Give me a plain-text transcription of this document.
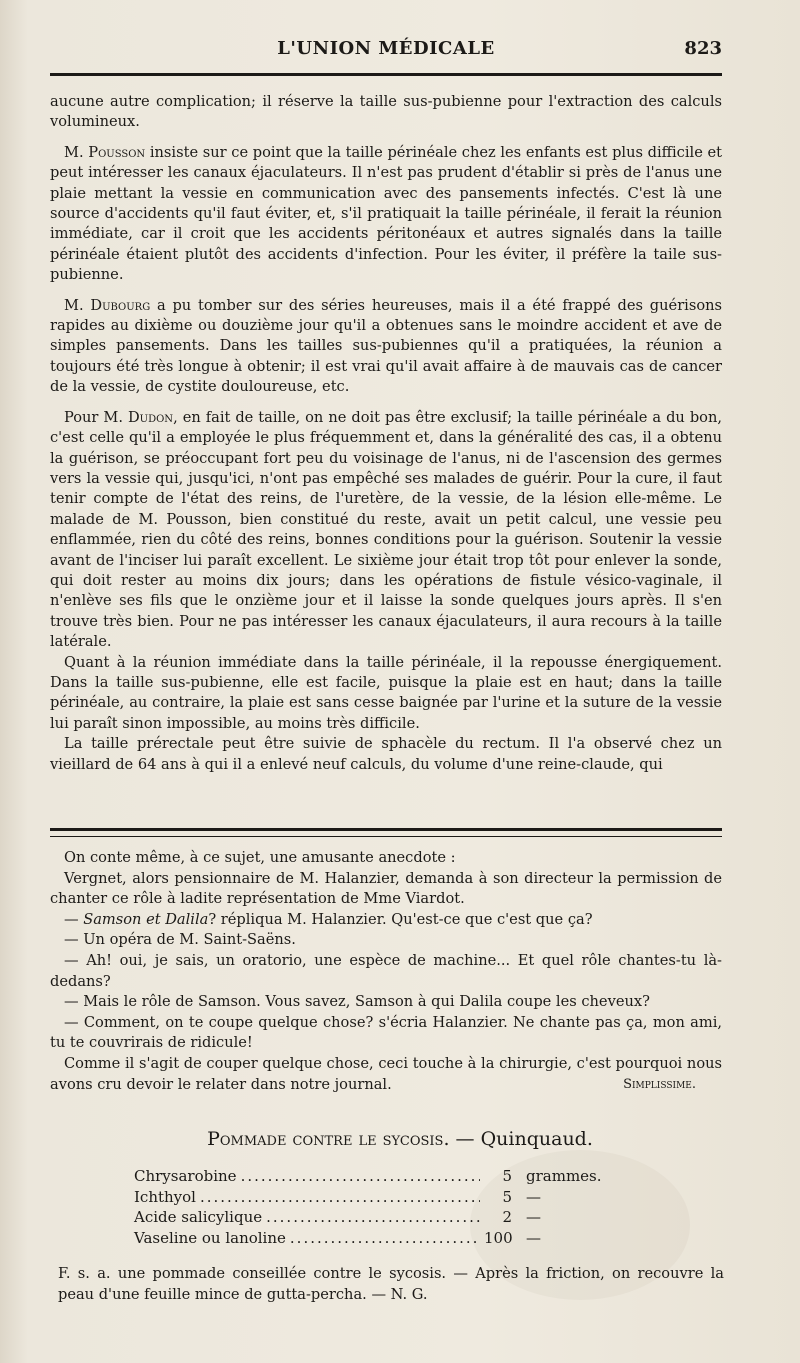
L'UNION MÉDICALE	823

aucune autre complication; il réserve la taille sus-pubienne pour l'extraction des calculs volumineux.

M. Pousson insiste sur ce point que la taille périnéale chez les enfants est plus difficile et peut intéresser les canaux éjaculateurs. Il n'est pas prudent d'établir si près de l'anus une plaie mettant la vessie en communication avec des pansements infectés. C'est là une source d'accidents qu'il faut éviter, et, s'il pratiquait la taille périnéale, il ferait la réunion immédiate, car il croit que les accidents péritonéaux et autres signalés dans la taille périnéale étaient plutôt des accidents d'infection. Pour les éviter, il préfère la taile sus-pubienne.

M. Dubourg a pu tomber sur des séries heureuses, mais il a été frappé des guérisons rapides au dixième ou douzième jour qu'il a obtenues sans le moindre accident et ave de simples pansements. Dans les tailles sus-pubiennes qu'il a pratiquées, la réunion a toujours été très longue à obtenir; il est vrai qu'il avait affaire à de mauvais cas de cancer de la vessie, de cystite douloureuse, etc.

Pour M. Dudon, en fait de taille, on ne doit pas être exclusif; la taille périnéale a du bon, c'est celle qu'il a employée le plus fréquemment et, dans la généralité des cas, il a obtenu la guérison, se préoccupant fort peu du voisinage de l'anus, ni de l'ascension des germes vers la vessie qui, jusqu'ici, n'ont pas empêché ses malades de guérir. Pour la cure, il faut tenir compte de l'état des reins, de l'uretère, de la vessie, de la lésion elle-même. Le malade de M. Pousson, bien constitué du reste, avait un petit calcul, une vessie peu enflammée, rien du côté des reins, bonnes conditions pour la guérison. Soutenir la vessie avant de l'inciser lui paraît excellent. Le sixième jour était trop tôt pour enlever la sonde, qui doit rester au moins dix jours; dans les opérations de fistule vésico-vaginale, il n'enlève ses fils que le onzième jour et il laisse la sonde quelques jours après. Il s'en trouve très bien. Pour ne pas intéresser les canaux éjaculateurs, il aura recours à la taille latérale.

Quant à la réunion immédiate dans la taille périnéale, il la repousse énergiquement. Dans la taille sus-pubienne, elle est facile, puisque la plaie est en haut; dans la taille périnéale, au contraire, la plaie est sans cesse baignée par l'urine et la suture de la vessie lui paraît sinon impossible, au moins très difficile.

La taille prérectale peut être suivie de sphacèle du rectum. Il l'a observé chez un vieillard de 64 ans à qui il a enlevé neuf calculs, du volume d'une reine-claude, qui

On conte même, à ce sujet, une amusante anecdote :

Vergnet, alors pensionnaire de M. Halanzier, demanda à son directeur la permission de chanter ce rôle à ladite représentation de Mme Viardot.

— Samson et Dalila? répliqua M. Halanzier. Qu'est-ce que c'est que ça?

— Un opéra de M. Saint-Saëns.

— Ah! oui, je sais, un oratorio, une espèce de machine... Et quel rôle chantes-tu là-dedans?

— Mais le rôle de Samson. Vous savez, Samson à qui Dalila coupe les cheveux?

— Comment, on te coupe quelque chose? s'écria Halanzier. Ne chante pas ça, mon ami, tu te couvrirais de ridicule!

Comme il s'agit de couper quelque chose, ceci touche à la chirurgie, c'est pourquoi nous avons cru devoir le relater dans notre journal.	Simplissime.

Pommade contre le sycosis. — Quinquaud.
Chrysarobine .....	5 grammes.
Ichthyol .....	5 —
Acide salicylique .....	2 —
Vaseline ou lanoline .....	100 —

F. s. a. une pommade conseillée contre le sycosis. — Après la friction, on recouvre la peau d'une feuille mince de gutta-percha. — N. G.
